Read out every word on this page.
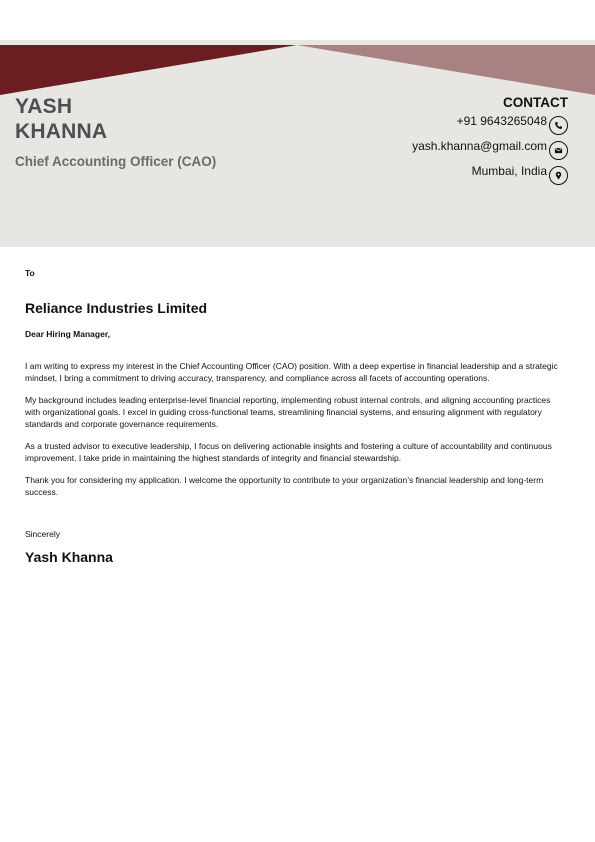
YASH
KHANNA
Chief Accounting Officer (CAO)
CONTACT
+91 9643265048
yash.khanna@gmail.com
Mumbai, India
To
Reliance Industries Limited
Dear Hiring Manager,

I am writing to express my interest in the Chief Accounting Officer (CAO) position. With a deep expertise in financial leadership and a strategic mindset, I bring a commitment to driving accuracy, transparency, and compliance across all facets of accounting operations.

My background includes leading enterprise-level financial reporting, implementing robust internal controls, and aligning accounting practices with organizational goals. I excel in guiding cross-functional teams, streamlining financial systems, and ensuring alignment with regulatory standards and corporate governance requirements.

As a trusted advisor to executive leadership, I focus on delivering actionable insights and fostering a culture of accountability and continuous improvement. I take pride in maintaining the highest standards of integrity and financial stewardship.

Thank you for considering my application. I welcome the opportunity to contribute to your organization’s financial leadership and long-term success.

Sincerely
Yash Khanna
